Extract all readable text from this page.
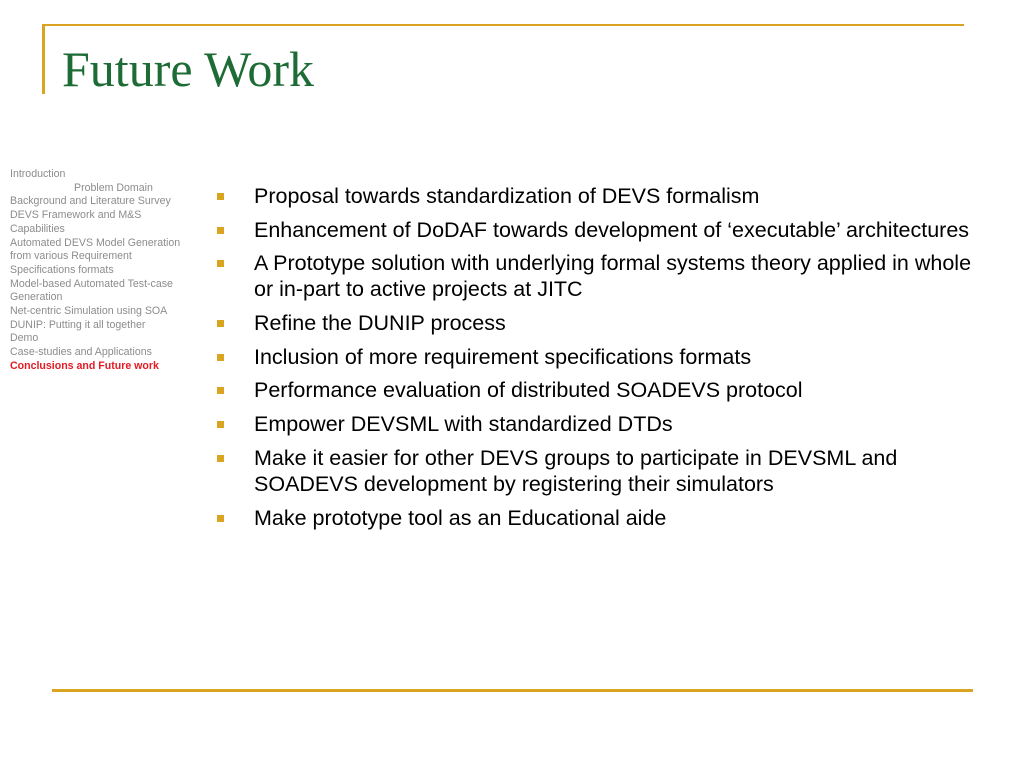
Future Work
Introduction
Problem Domain
Background and Literature Survey
DEVS Framework and M&S
Capabilities
Automated DEVS Model Generation
from various Requirement
Specifications formats
Model-based Automated Test-case
Generation
Net-centric Simulation using SOA
DUNIP: Putting it all together
Demo
Case-studies and Applications
Conclusions and Future work
Proposal towards standardization of DEVS formalism
Enhancement of DoDAF towards development of ‘executable’ architectures
A Prototype solution with underlying formal systems theory applied in whole or in-part to active projects at JITC
Refine the DUNIP process
Inclusion of more requirement specifications formats
Performance evaluation of distributed SOADEVS protocol
Empower DEVSML with standardized DTDs
Make it easier for other DEVS groups to participate in DEVSML and SOADEVS development by registering their simulators
Make prototype tool as an Educational aide
